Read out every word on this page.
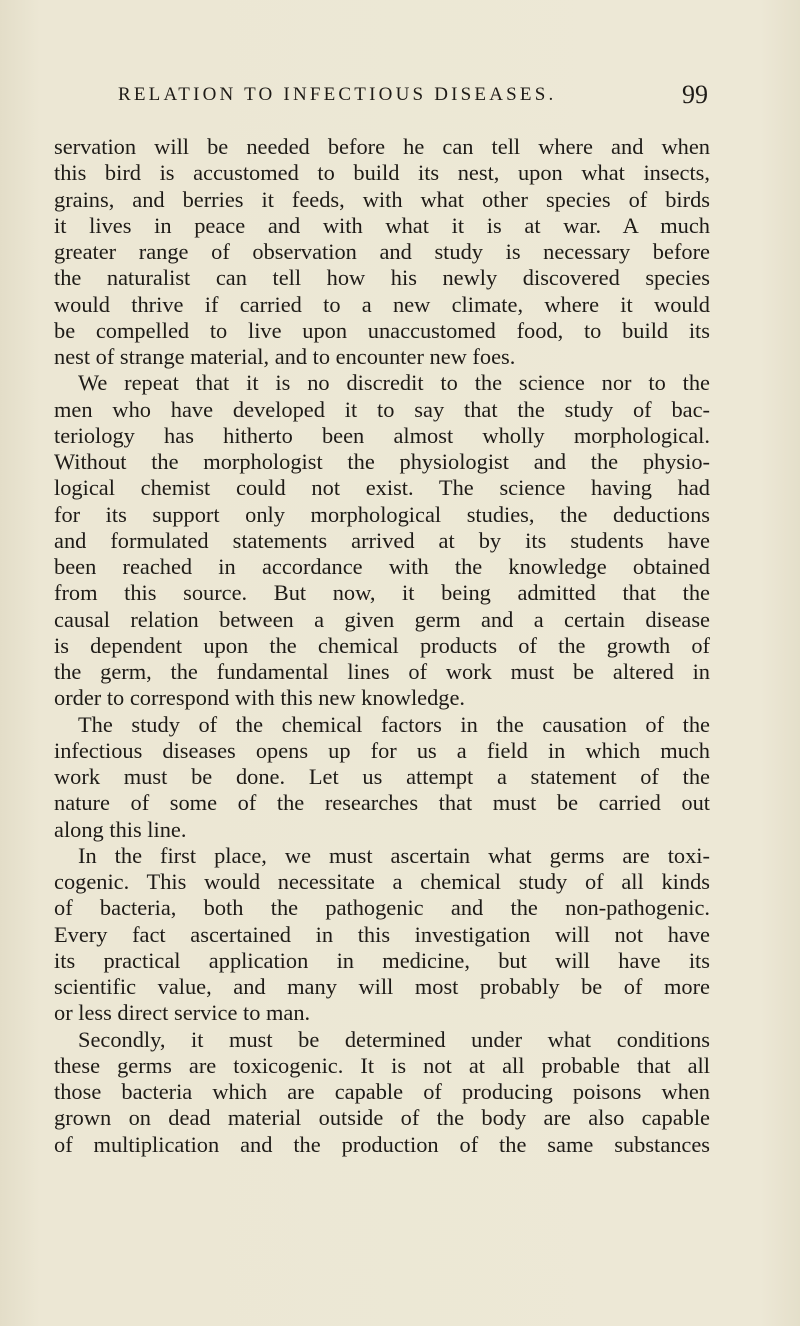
RELATION TO INFECTIOUS DISEASES.	99
servation will be needed before he can tell where and when
this bird is accustomed to build its nest, upon what insects,
grains, and berries it feeds, with what other species of birds
it lives in peace and with what it is at war. A much
greater range of observation and study is necessary before
the naturalist can tell how his newly discovered species
would thrive if carried to a new climate, where it would
be compelled to live upon unaccustomed food, to build its
nest of strange material, and to encounter new foes.
We repeat that it is no discredit to the science nor to the
men who have developed it to say that the study of bac-
teriology has hitherto been almost wholly morphological.
Without the morphologist the physiologist and the physio-
logical chemist could not exist. The science having had
for its support only morphological studies, the deductions
and formulated statements arrived at by its students have
been reached in accordance with the knowledge obtained
from this source. But now, it being admitted that the
causal relation between a given germ and a certain disease
is dependent upon the chemical products of the growth of
the germ, the fundamental lines of work must be altered in
order to correspond with this new knowledge.
The study of the chemical factors in the causation of the
infectious diseases opens up for us a field in which much
work must be done. Let us attempt a statement of the
nature of some of the researches that must be carried out
along this line.
In the first place, we must ascertain what germs are toxi-
cogenic. This would necessitate a chemical study of all kinds
of bacteria, both the pathogenic and the non-pathogenic.
Every fact ascertained in this investigation will not have
its practical application in medicine, but will have its
scientific value, and many will most probably be of more
or less direct service to man.
Secondly, it must be determined under what conditions
these germs are toxicogenic. It is not at all probable that all
those bacteria which are capable of producing poisons when
grown on dead material outside of the body are also capable
of multiplication and the production of the same substances
